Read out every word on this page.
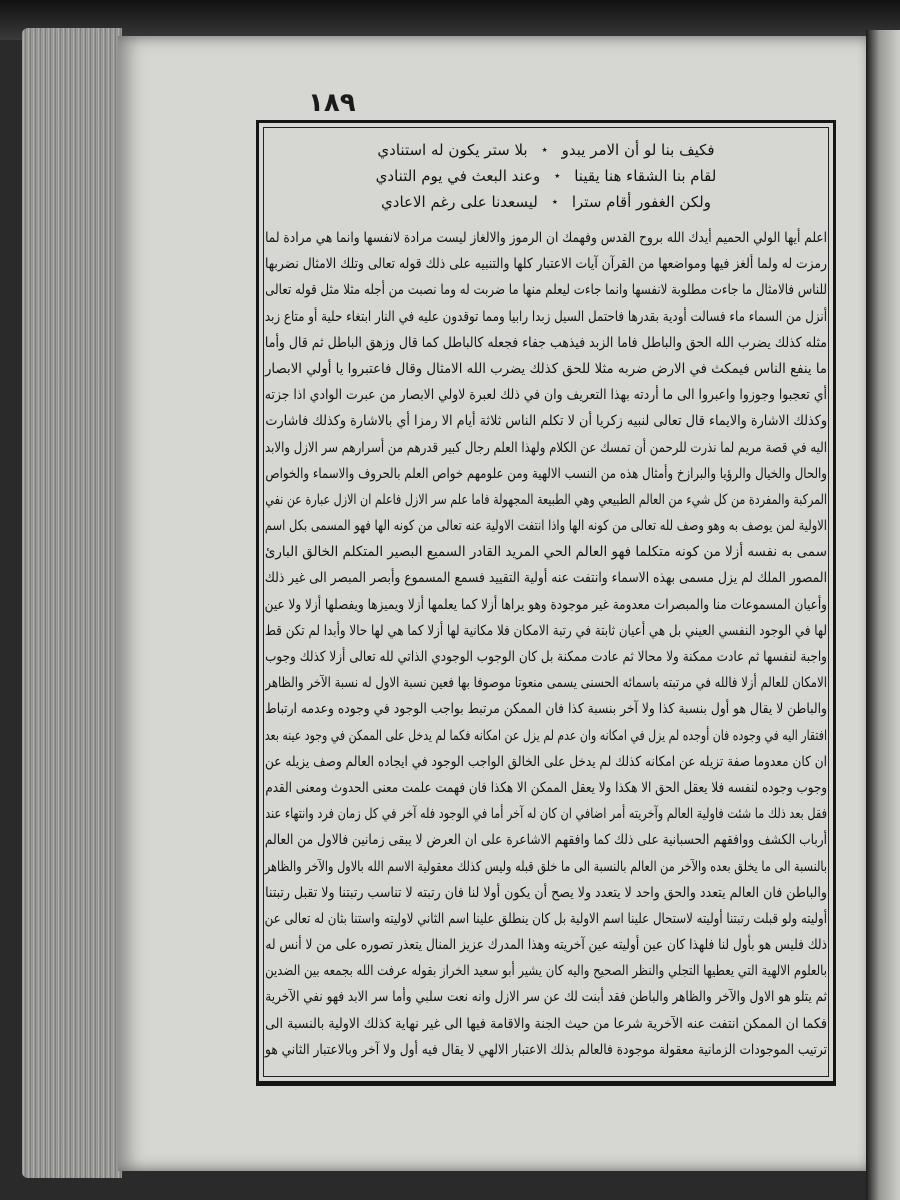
١٨٩
فكيف بنا لو أن الامر يبدو
٭
بلا ستر يكون له استنادي
لقام بنا الشقاء هنا يقينا
٭
وعند البعث في يوم التنادي
ولكن الغفور أقام سترا
٭
ليسعدنا على رغم الاعادي
اعلم أيها الولي الحميم أيدك الله بروح القدس وفهمك ان الرموز والالغاز ليست مرادة لانفسها وانما هي مرادة لما
رمزت له ولما ألغز فيها ومواضعها من القرآن آيات الاعتبار كلها والتنبيه على ذلك قوله تعالى وتلك الامثال نضربها
للناس فالامثال ما جاءت مطلوبة لانفسها وانما جاءت ليعلم منها ما ضربت له وما نصبت من أجله مثلا مثل قوله تعالى
أنزل من السماء ماء فسالت أودية بقدرها فاحتمل السيل زبدا رابيا ومما توقدون عليه في النار ابتغاء حلية أو متاع زبد
مثله كذلك يضرب الله الحق والباطل فاما الزبد فيذهب جفاء فجعله كالباطل كما قال وزهق الباطل ثم قال وأما
ما ينفع الناس فيمكث في الارض ضربه مثلا للحق كذلك يضرب الله الامثال وقال فاعتبروا يا أولي الابصار
أي تعجبوا وجوزوا واعبروا الى ما أردته بهذا التعريف وان في ذلك لعبرة لاولي الابصار من عبرت الوادي اذا جزته
وكذلك الاشارة والايماء قال تعالى لنبيه زكريا أن لا تكلم الناس ثلاثة أيام الا رمزا أي بالاشارة وكذلك فاشارت
اليه في قصة مريم لما نذرت للرحمن أن تمسك عن الكلام ولهذا العلم رجال كبير قدرهم من أسرارهم سر الازل والابد
والحال والخيال والرؤيا والبرازخ وأمثال هذه من النسب الالهية ومن علومهم خواص العلم بالحروف والاسماء والخواص
المركبة والمفردة من كل شيء من العالم الطبيعي وهي الطبيعة المجهولة فاما علم سر الازل فاعلم ان الازل عبارة عن نفي
الاولية لمن يوصف به وهو وصف لله تعالى من كونه الها واذا انتفت الاولية عنه تعالى من كونه الها فهو المسمى بكل اسم
سمى به نفسه أزلا من كونه متكلما فهو العالم الحي المريد القادر السميع البصير المتكلم الخالق البارئ
المصور الملك لم يزل مسمى بهذه الاسماء وانتفت عنه أولية التقييد فسمع المسموع وأبصر المبصر الى غير ذلك
وأعيان المسموعات منا والمبصرات معدومة غير موجودة وهو يراها أزلا كما يعلمها أزلا ويميزها ويفصلها أزلا ولا عين
لها في الوجود النفسي العيني بل هي أعيان ثابتة في رتبة الامكان فلا مكانية لها أزلا كما هي لها حالا وأبدا لم تكن قط
واجبة لنفسها ثم عادت ممكنة ولا محالا ثم عادت ممكنة بل كان الوجوب الوجودي الذاتي لله تعالى أزلا كذلك وجوب
الامكان للعالم أزلا فالله في مرتبته باسمائه الحسنى يسمى منعوتا موصوفا بها فعين نسبة الاول له نسبة الآخر والظاهر
والباطن لا يقال هو أول بنسبة كذا ولا آخر بنسبة كذا فان الممكن مرتبط بواجب الوجود في وجوده وعدمه ارتباط
افتقار اليه في وجوده فان أوجده لم يزل في امكانه وان عدم لم يزل عن امكانه فكما لم يدخل على الممكن في وجود عينه بعد
ان كان معدوما صفة تزيله عن امكانه كذلك لم يدخل على الخالق الواجب الوجود في ايجاده العالم وصف يزيله عن
وجوب وجوده لنفسه فلا يعقل الحق الا هكذا ولا يعقل الممكن الا هكذا فان فهمت علمت معنى الحدوث ومعنى القدم
فقل بعد ذلك ما شئت فاولية العالم وآخريته أمر اضافي ان كان له آخر أما في الوجود فله آخر في كل زمان فرد وانتهاء عند
أرباب الكشف ووافقهم الحسبانية على ذلك كما وافقهم الاشاعرة على ان العرض لا يبقى زمانين فالاول من العالم
بالنسبة الى ما يخلق بعده والآخر من العالم بالنسبة الى ما خلق قبله وليس كذلك معقولية الاسم الله بالاول والآخر والظاهر
والباطن فان العالم يتعدد والحق واحد لا يتعدد ولا يصح أن يكون أولا لنا فان رتبته لا تناسب رتبتنا ولا تقبل رتبتنا
أوليته ولو قبلت رتبتنا أوليته لاستحال علينا اسم الاولية بل كان ينطلق علينا اسم الثاني لاوليته واستنا بثان له تعالى عن
ذلك فليس هو بأول لنا فلهذا كان عين أوليته عين آخريته وهذا المدرك عزيز المنال يتعذر تصوره على من لا أنس له
بالعلوم الالهية التي يعطيها التجلي والنظر الصحيح واليه كان يشير أبو سعيد الخراز بقوله عرفت الله بجمعه بين الضدين
ثم يتلو هو الاول والآخر والظاهر والباطن فقد أبنت لك عن سر الازل وانه نعت سلبي وأما سر الابد فهو نفي الآخرية
فكما ان الممكن انتفت عنه الآخرية شرعا من حيث الجنة والاقامة فيها الى غير نهاية كذلك الاولية بالنسبة الى
ترتيب الموجودات الزمانية معقولة موجودة فالعالم بذلك الاعتبار الالهي لا يقال فيه أول ولا آخر وبالاعتبار الثاني هو
